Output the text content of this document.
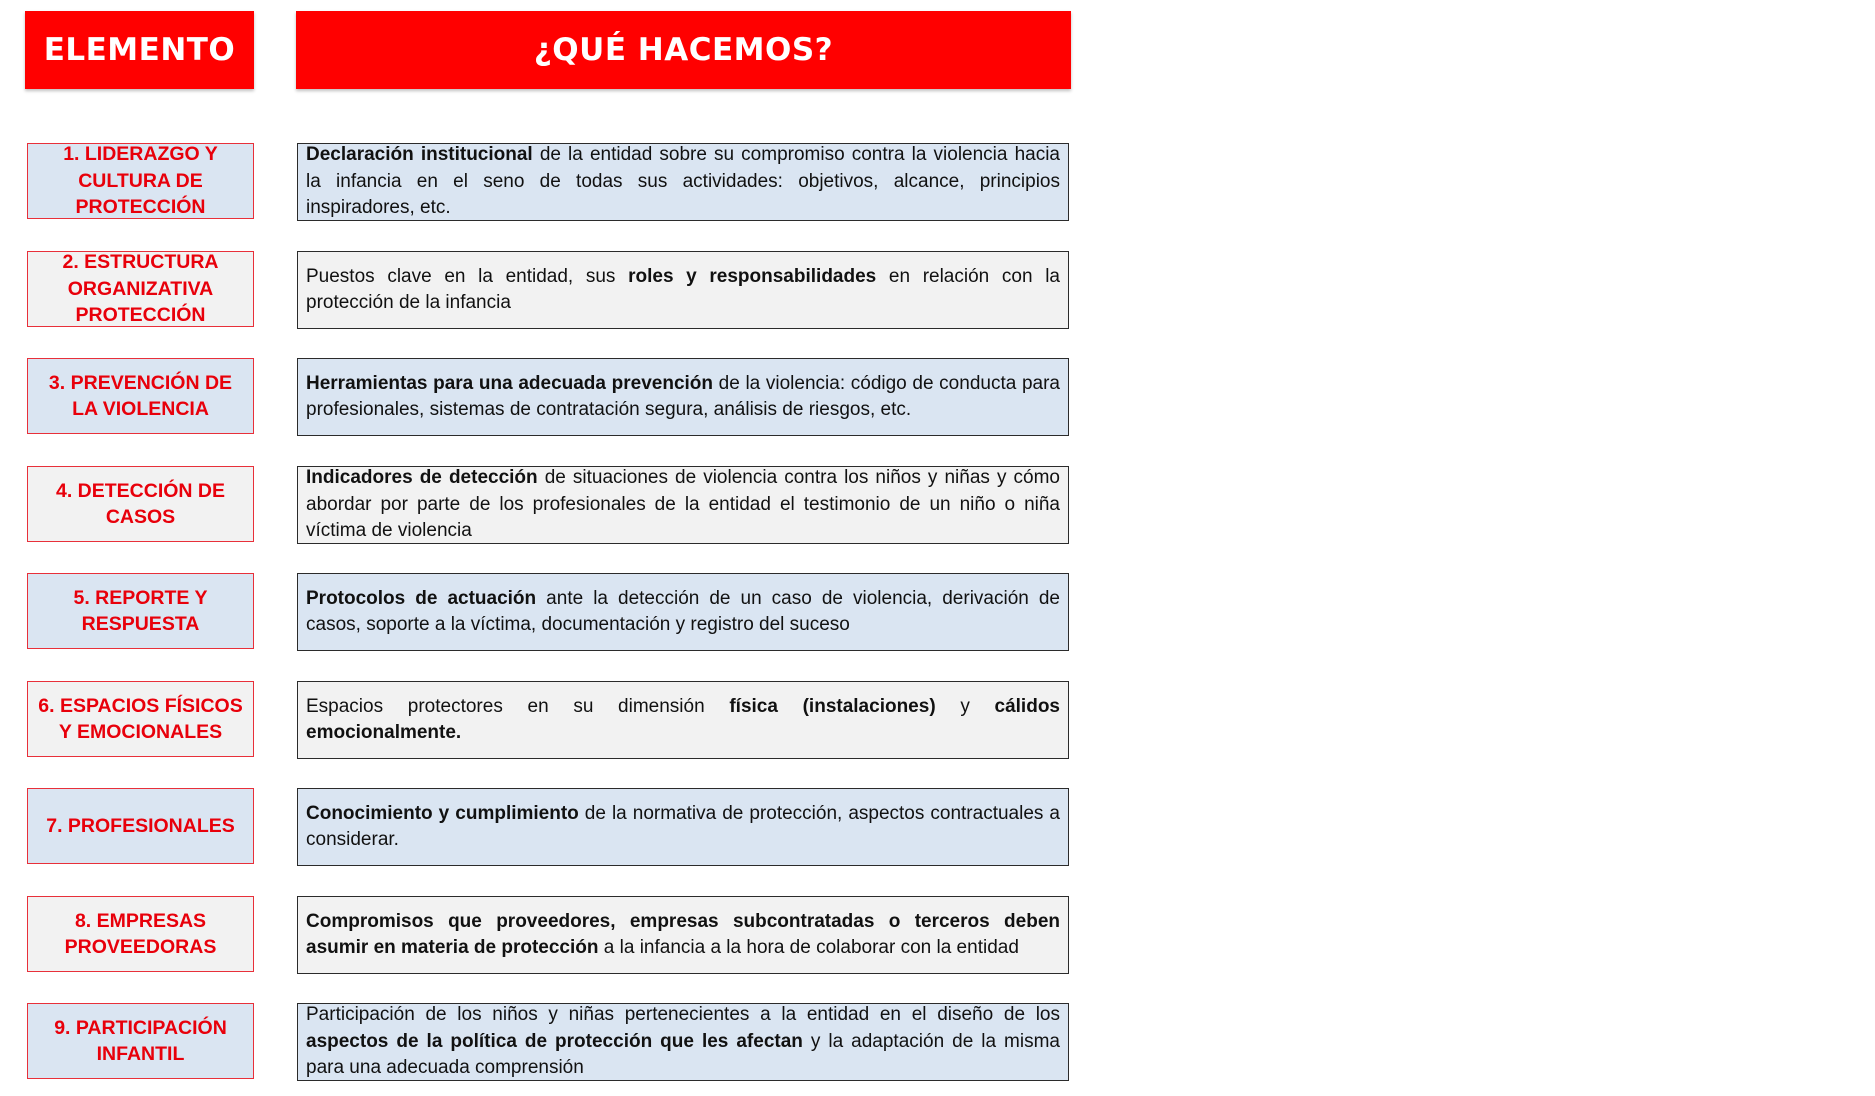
ELEMENTO	¿QUÉ HACEMOS?
1. LIDERAZGO Y CULTURA DE PROTECCIÓN
Declaración institucional de la entidad sobre su compromiso contra la violencia hacia la infancia en el seno de todas sus actividades: objetivos, alcance, principios inspiradores, etc.
2. ESTRUCTURA ORGANIZATIVA PROTECCIÓN
Puestos clave en la entidad, sus roles y responsabilidades en relación con la protección de la infancia
3. PREVENCIÓN DE LA VIOLENCIA
Herramientas para una adecuada prevención de la violencia: código de conducta para profesionales, sistemas de contratación segura, análisis de riesgos, etc.
4. DETECCIÓN DE CASOS
Indicadores de detección de situaciones de violencia contra los niños y niñas y cómo abordar por parte de los profesionales de la entidad el testimonio de un niño o niña víctima de violencia
5. REPORTE Y RESPUESTA
Protocolos de actuación ante la detección de un caso de violencia, derivación de casos, soporte a la víctima, documentación y registro del suceso
6. ESPACIOS FÍSICOS Y EMOCIONALES
Espacios protectores en su dimensión física (instalaciones) y cálidos emocionalmente.
7. PROFESIONALES
Conocimiento y cumplimiento de la normativa de protección, aspectos contractuales a considerar.
8. EMPRESAS PROVEEDORAS
Compromisos que proveedores, empresas subcontratadas o terceros deben asumir en materia de protección a la infancia a la hora de colaborar con la entidad
9. PARTICIPACIÓN INFANTIL
Participación de los niños y niñas pertenecientes a la entidad en el diseño de los aspectos de la política de protección que les afectan y la adaptación de la misma para una adecuada comprensión
